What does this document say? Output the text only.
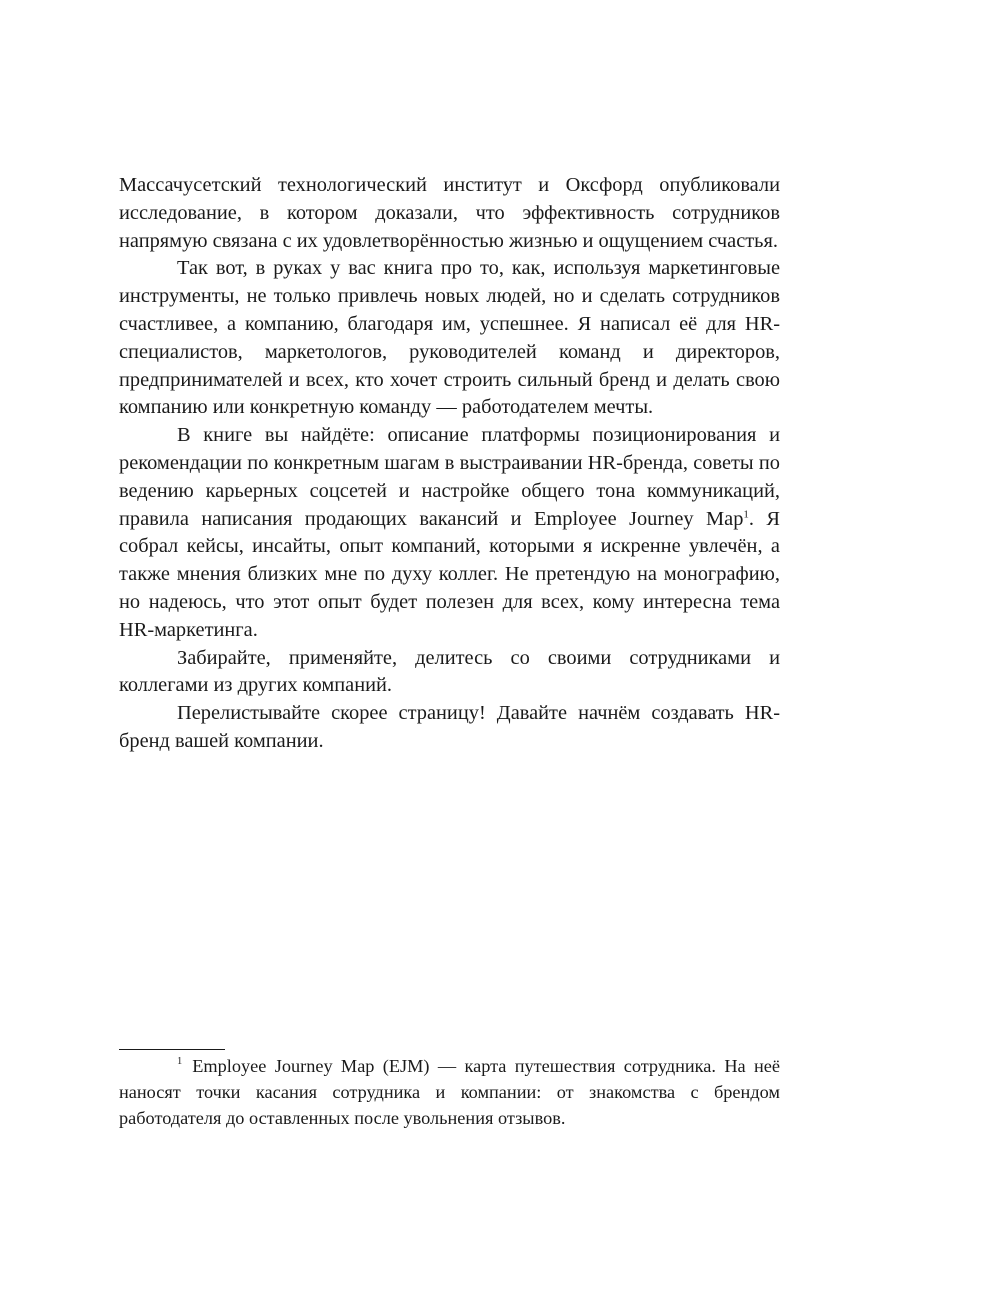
Массачусетский технологический институт и Оксфорд опубликовали исследование, в котором доказали, что эффективность сотрудников напрямую связана с их удовлетворённостью жизнью и ощущением счастья.

Так вот, в руках у вас книга про то, как, используя маркетинговые инструменты, не только привлечь новых людей, но и сделать сотрудников счастливее, а компанию, благодаря им, успешнее. Я написал её для HR-специалистов, маркетологов, руководителей команд и директоров, предпринимателей и всех, кто хочет строить сильный бренд и делать свою компанию или конкретную команду — работодателем мечты.

В книге вы найдёте: описание платформы позиционирования и рекомендации по конкретным шагам в выстраивании HR-бренда, советы по ведению карьерных соцсетей и настройке общего тона коммуникаций, правила написания продающих вакансий и Employee Journey Map$^1$. Я собрал кейсы, инсайты, опыт компаний, которыми я искренне увлечён, а также мнения близких мне по духу коллег. Не претендую на монографию, но надеюсь, что этот опыт будет полезен для всех, кому интересна тема HR-маркетинга.

Забирайте, применяйте, делитесь со своими сотрудниками и коллегами из других компаний.

Перелистывайте скорее страницу! Давайте начнём создавать HR-бренд вашей компании.

$^1$ Employee Journey Map (EJM) — карта путешествия сотрудника. На неё наносят точки касания сотрудника и компании: от знакомства с брендом работодателя до оставленных после увольнения отзывов.
